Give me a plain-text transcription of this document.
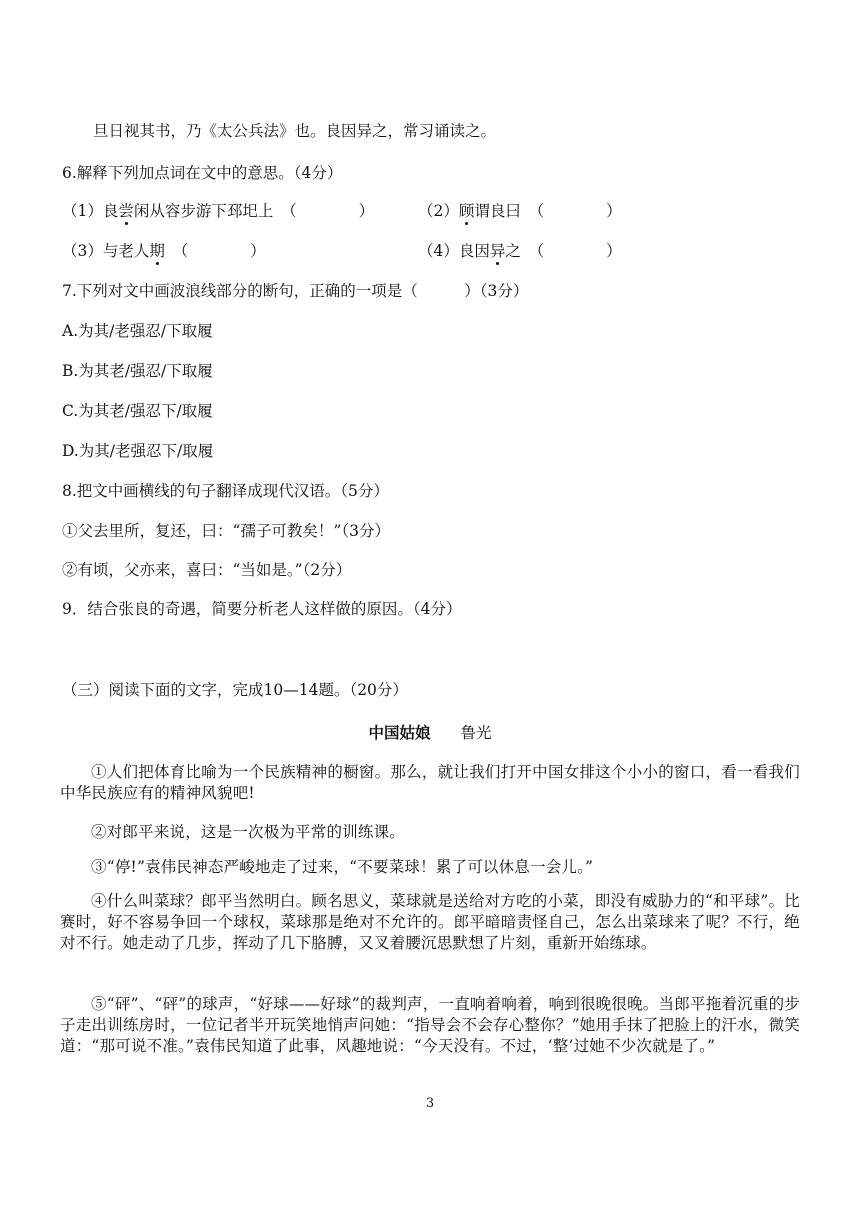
旦日视其书，乃《太公兵法》也。良因异之，常习诵读之。
6.解释下列加点词在文中的意思。（4分）
（1）良尝闲从容步游下邳圯上　（　　　　）	（2）顾谓良曰　（　　　　）
（3）与老人期　（　　　　）	（4）良因异之　（　　　　）
7.下列对文中画波浪线部分的断句，正确的一项是（　　　）（3分）
A.为其/老强忍/下取履
B.为其老/强忍/下取履
C.为其老/强忍下/取履
D.为其/老强忍下/取履
8.把文中画横线的句子翻译成现代汉语。（5分）
①父去里所，复还，曰：“孺子可教矣！”（3分）
②有顷，父亦来，喜曰：“当如是。”（2分）
9．结合张良的奇遇，简要分析老人这样做的原因。（4分）
（三）阅读下面的文字，完成10—14题。（20分）
中国姑娘 鲁光
①人们把体育比喻为一个民族精神的橱窗。那么，就让我们打开中国女排这个小小的窗口，看一看我们中华民族应有的精神风貌吧!
②对郎平来说，这是一次极为平常的训练课。
③“停!”袁伟民神态严峻地走了过来，“不要菜球！累了可以休息一会儿。”
④什么叫菜球？郎平当然明白。顾名思义，菜球就是送给对方吃的小菜，即没有威胁力的“和平球”。比赛时，好不容易争回一个球权，菜球那是绝对不允许的。郎平暗暗责怪自己，怎么出菜球来了呢？不行，绝对不行。她走动了几步，挥动了几下胳膊，又叉着腰沉思默想了片刻，重新开始练球。
⑤“砰”、“砰”的球声，“好球——好球”的裁判声，一直响着响着，响到很晚很晚。当郎平拖着沉重的步子走出训练房时，一位记者半开玩笑地悄声问她：“指导会不会存心整你？”她用手抹了把脸上的汗水，微笑道：“那可说不准。”袁伟民知道了此事，风趣地说：“今天没有。不过，‘整’过她不少次就是了。”
3
